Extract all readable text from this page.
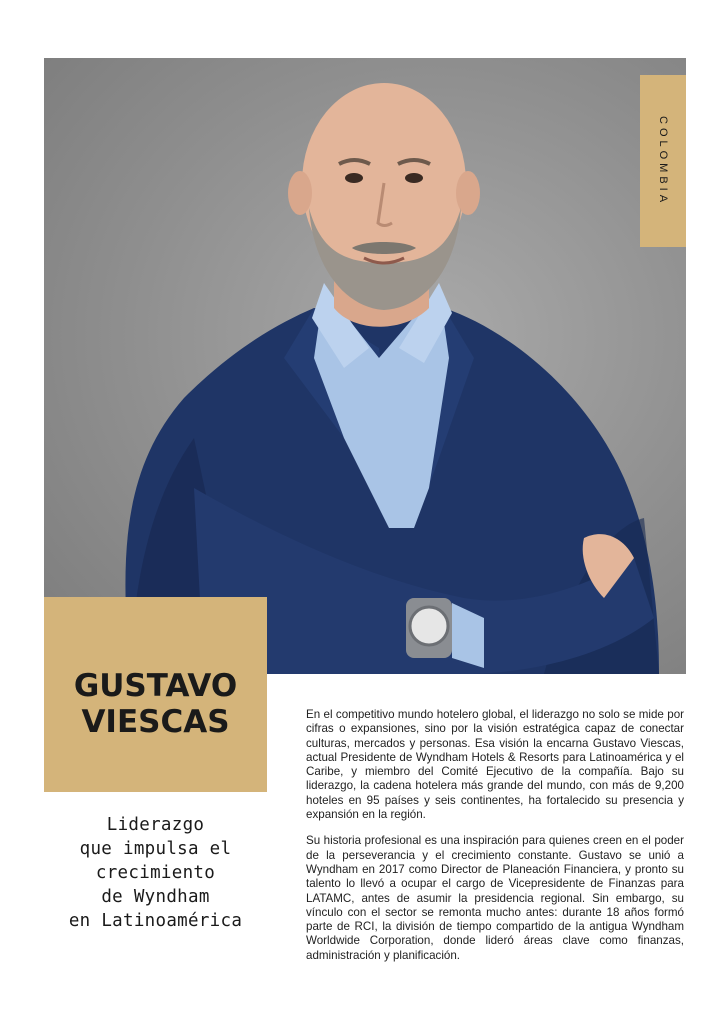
COLOMBIA
GUSTAVO
VIESCAS
Liderazgo
que impulsa el
crecimiento
de Wyndham
en Latinoamérica

En el competitivo mundo hotelero global, el liderazgo no solo se mide por cifras o expansiones, sino por la visión estratégica capaz de conectar culturas, mercados y personas. Esa visión la encarna Gustavo Viescas, actual Presidente de Wyndham Hotels & Resorts para Latinoamérica y el Caribe, y miembro del Comité Ejecutivo de la compañía. Bajo su liderazgo, la cadena hotelera más grande del mundo, con más de 9,200 hoteles en 95 países y seis continentes, ha fortalecido su presencia y expansión en la región.

Su historia profesional es una inspiración para quienes creen en el poder de la perseverancia y el crecimiento constante. Gustavo se unió a Wyndham en 2017 como Director de Planeación Financiera, y pronto su talento lo llevó a ocupar el cargo de Vicepresidente de Finanzas para LATAMC, antes de asumir la presidencia regional. Sin embargo, su vínculo con el sector se remonta mucho antes: durante 18 años formó parte de RCI, la división de tiempo compartido de la antigua Wyndham Worldwide Corporation, donde lideró áreas clave como finanzas, administración y planificación.
